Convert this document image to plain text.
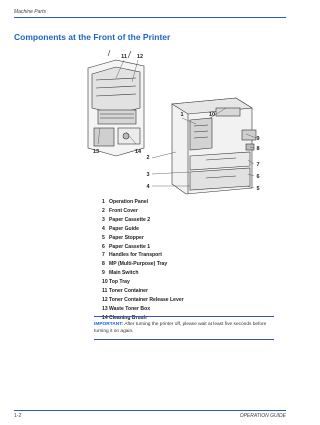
Machine Parts
Components at the Front of the Printer
1
2
3
4	5
6
7
8
9
10
11 12
13	14
1 Operation Panel
2 Front Cover
3 Paper Cassette 2
4 Paper Guide
5 Paper Stopper
6 Paper Cassette 1
7 Handles for Transport
8 MP (Multi-Purpose) Tray
9 Main Switch
10 Top Tray
11 Toner Container
12 Toner Container Release Lever
13 Waste Toner Box
14 Cleaning Brush
IMPORTANT: After turning the printer off, please wait at least five seconds before turning it on again.
1-2	OPERATION GUIDE
